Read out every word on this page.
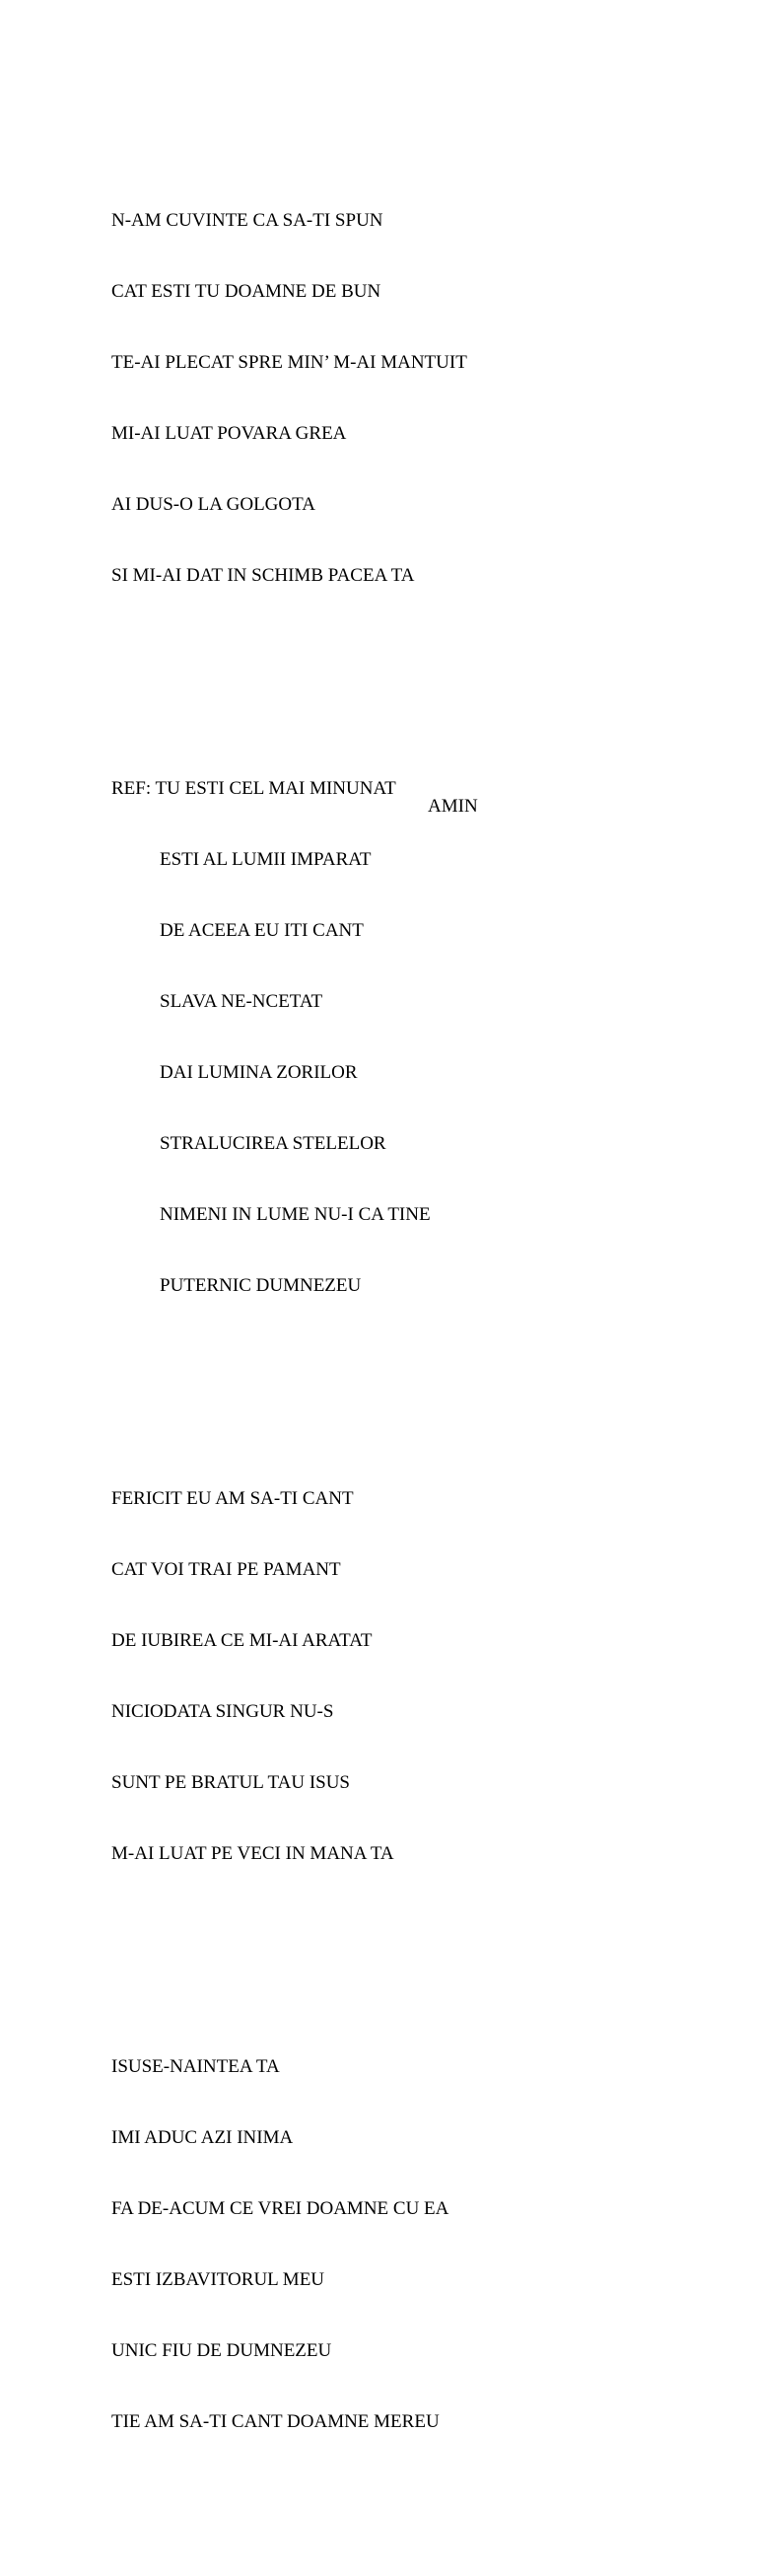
N-AM CUVINTE CA SA-TI SPUN

CAT ESTI TU DOAMNE DE BUN

TE-AI PLECAT SPRE MIN’ M-AI MANTUIT

MI-AI LUAT POVARA GREA

AI DUS-O LA GOLGOTA

SI MI-AI DAT IN SCHIMB PACEA TA

REF: TU ESTI CEL MAI MINUNAT

ESTI AL LUMII IMPARAT

DE ACEEA EU ITI CANT

SLAVA NE-NCETAT

DAI LUMINA ZORILOR

STRALUCIREA STELELOR

NIMENI IN LUME NU-I CA TINE

PUTERNIC DUMNEZEU

FERICIT EU AM SA-TI CANT

CAT VOI TRAI PE PAMANT

DE IUBIREA CE MI-AI ARATAT

NICIODATA SINGUR NU-S

SUNT PE BRATUL TAU ISUS

M-AI LUAT PE VECI IN MANA TA

ISUSE-NAINTEA TA

IMI ADUC AZI INIMA

FA DE-ACUM CE VREI DOAMNE CU EA

ESTI IZBAVITORUL MEU

UNIC FIU DE DUMNEZEU

TIE AM SA-TI CANT DOAMNE MEREU

AMIN
